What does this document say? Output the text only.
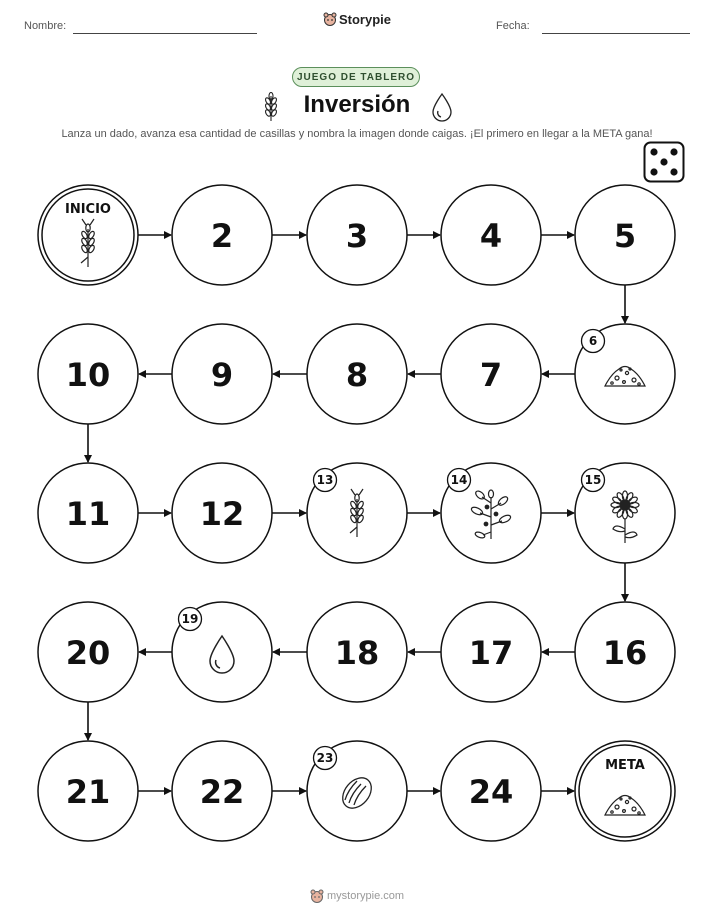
Nombre:	Storypie	Fecha:
JUEGO DE TABLERO
Inversión
Lanza un dado, avanza esa cantidad de casillas y nombra la imagen donde caigas. ¡El primero en llegar a la META gana!
INICIO
2	3	4	5
6
7
8
9
10
11	12
13	14	15
16
17
18
19
20
21	22
23
24
META
mystorypie.com
